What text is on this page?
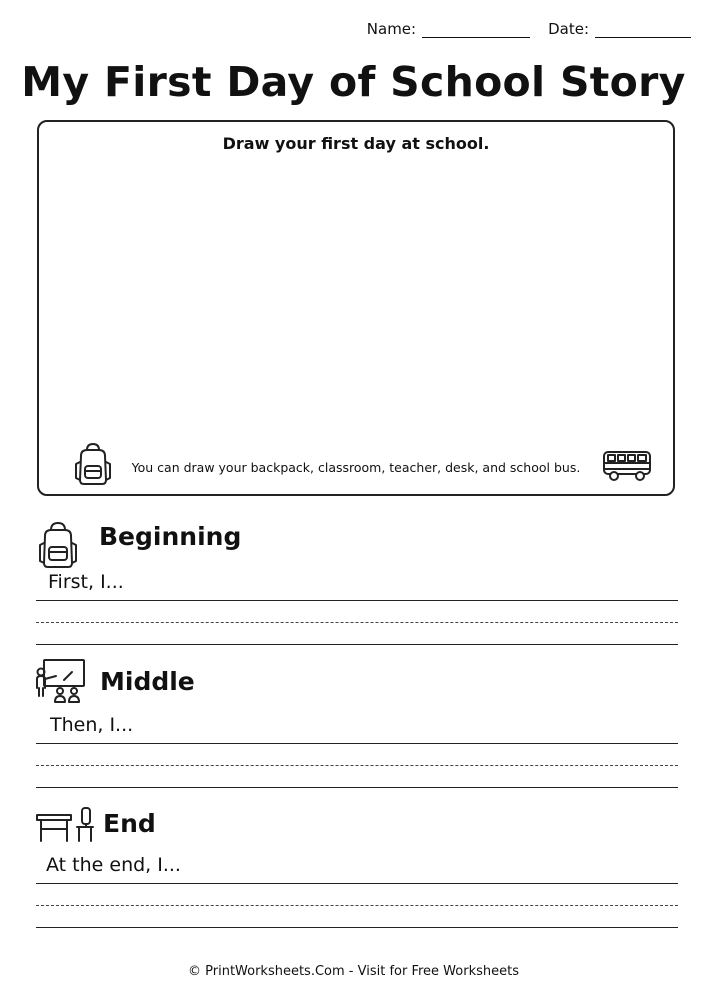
Name:	Date:
My First Day of School Story
Draw your first day at school.
You can draw your backpack, classroom, teacher, desk, and school bus.
Beginning
First, I...
Middle
Then, I...
End
At the end, I...
© PrintWorksheets.Com - Visit for Free Worksheets
